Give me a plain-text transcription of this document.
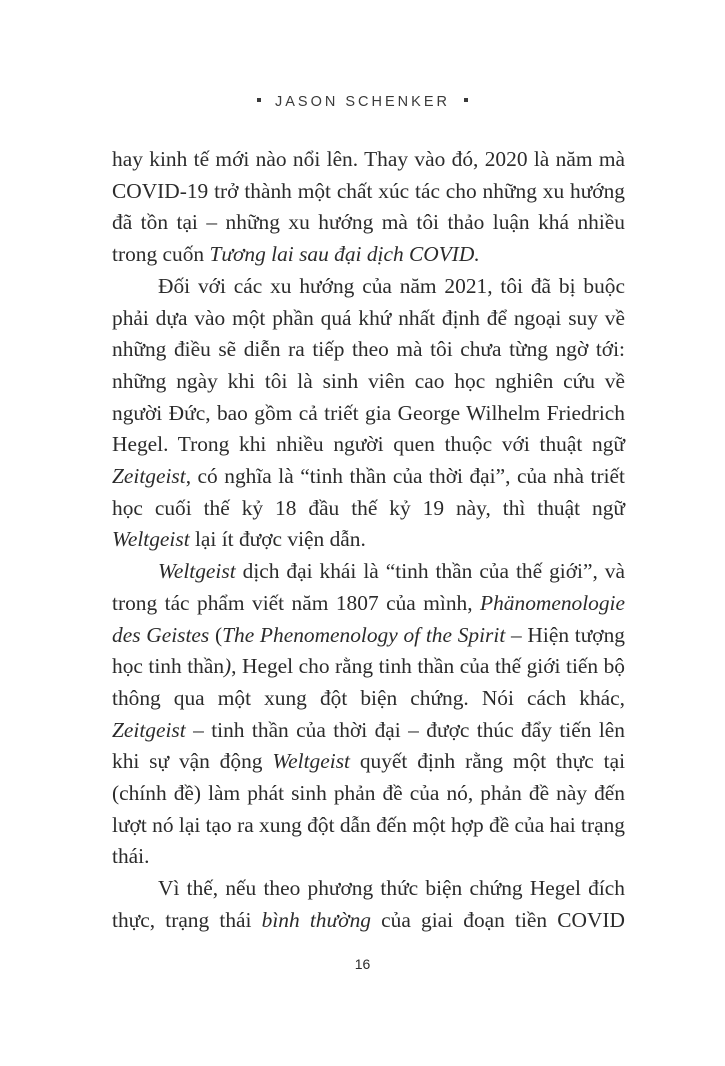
JASON SCHENKER

hay kinh tế mới nào nổi lên. Thay vào đó, 2020 là năm mà COVID-19 trở thành một chất xúc tác cho những xu hướng đã tồn tại – những xu hướng mà tôi thảo luận khá nhiều trong cuốn Tương lai sau đại dịch COVID.

Đối với các xu hướng của năm 2021, tôi đã bị buộc phải dựa vào một phần quá khứ nhất định để ngoại suy về những điều sẽ diễn ra tiếp theo mà tôi chưa từng ngờ tới: những ngày khi tôi là sinh viên cao học nghiên cứu về người Đức, bao gồm cả triết gia George Wilhelm Friedrich Hegel. Trong khi nhiều người quen thuộc với thuật ngữ Zeitgeist, có nghĩa là “tinh thần của thời đại”, của nhà triết học cuối thế kỷ 18 đầu thế kỷ 19 này, thì thuật ngữ Weltgeist lại ít được viện dẫn.

Weltgeist dịch đại khái là “tinh thần của thế giới”, và trong tác phẩm viết năm 1807 của mình, Phänomenologie des Geistes (The Phenomenology of the Spirit – Hiện tượng học tinh thần), Hegel cho rằng tinh thần của thế giới tiến bộ thông qua một xung đột biện chứng. Nói cách khác, Zeitgeist – tinh thần của thời đại – được thúc đẩy tiến lên khi sự vận động Weltgeist quyết định rằng một thực tại (chính đề) làm phát sinh phản đề của nó, phản đề này đến lượt nó lại tạo ra xung đột dẫn đến một hợp đề của hai trạng thái.

Vì thế, nếu theo phương thức biện chứng Hegel đích thực, trạng thái bình thường của giai đoạn tiền COVID

16
